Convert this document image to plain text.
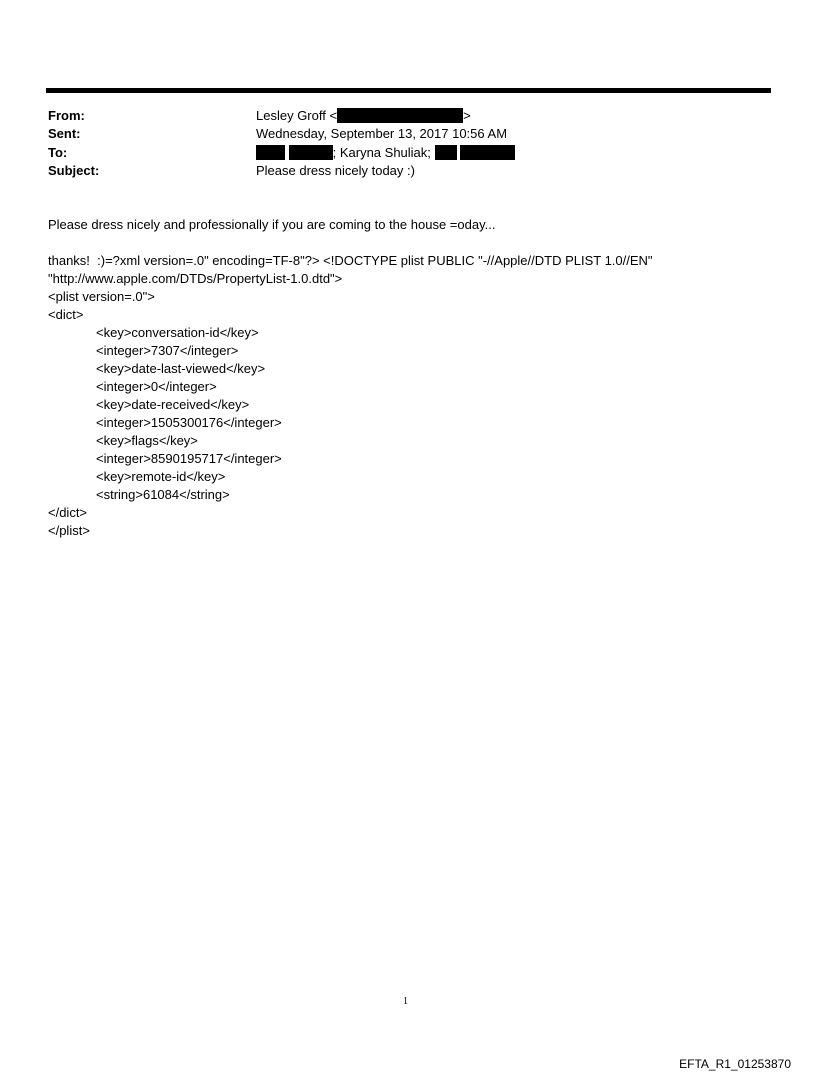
From:	Lesley Groff <	>
Sent:	Wednesday, September 13, 2017 10:56 AM
To:	; Karyna Shuliak;
Subject:	Please dress nicely today :)
Please dress nicely and professionally if you are coming to the house =oday...
thanks!  :)=?xml version=.0" encoding=TF-8"?> <!DOCTYPE plist PUBLIC "-//Apple//DTD PLIST 1.0//EN"
"http://www.apple.com/DTDs/PropertyList-1.0.dtd">
<plist version=.0">
<dict>
<key>conversation-id</key>
<integer>7307</integer>
<key>date-last-viewed</key>
<integer>0</integer>
<key>date-received</key>
<integer>1505300176</integer>
<key>flags</key>
<integer>8590195717</integer>
<key>remote-id</key>
<string>61084</string>
</dict>
</plist>
1
EFTA_R1_01253870
